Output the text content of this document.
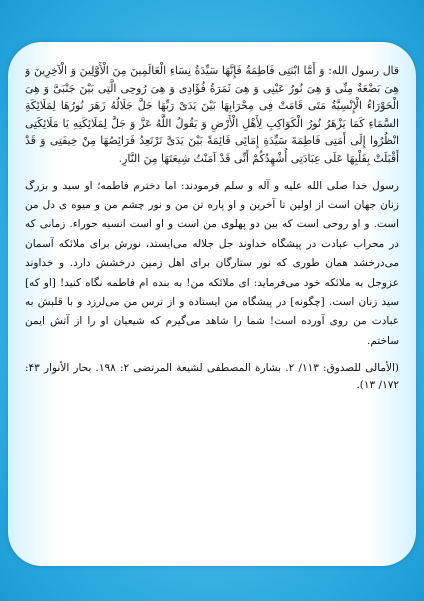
قال رسول الله: وَ أَمَّا ابْنَتِی فَاطِمَةُ فَإِنَّهَا سَیِّدَةُ نِسَاءِ الْعَالَمِینَ مِنَ الْأَوَّلِینَ وَ الْآخِرِینَ وَ هِیَ بَضْعَةٌ مِنِّی وَ هِیَ نُورُ عَیْنِی وَ هِیَ ثَمَرَةُ فُؤَادِی وَ هِیَ رُوحِی الَّتِی بَیْنَ جَنْبَیَّ وَ هِیَ الْحَوْرَاءُ الْإِنْسِیَّةُ مَتَی قَامَتْ فِی مِحْرَابِهَا بَیْنَ یَدَیْ رَبِّهَا جَلَّ جَلَالُهُ زَهَرَ نُورُهَا لِمَلَائِکَةِ السَّمَاءِ کَمَا یَزْهَرُ نُورُ الْکَوَاکِبِ لِأَهْلِ الْأَرْضِ وَ یَقُولُ اللَّهُ عَزَّ وَ جَلَّ لِمَلَائِکَتِهِ یَا مَلَائِکَتِی انْظُرُوا إِلَی أَمَتِی فَاطِمَةَ سَیِّدَةِ إِمَائِی قَائِمَةً بَیْنَ یَدَیَّ تَرْتَعِدُ فَرَائِصُهَا مِنْ خِیفَتِی وَ قَدْ أَقْبَلَتْ بِقَلْبِهَا عَلَی عِبَادَتِی أُشْهِدُکُمْ أَنِّی قَدْ آمَنْتُ شِیعَتَهَا مِنَ النَّارِ.

رسول خدا صلی الله علیه و آله و سلم فرمودند: اما دخترم فاطمه؛ او سید و بزرگ زنان جهان است از اولین تا آخرین و او پاره تن من و نور چشم من و میوه ی دل من است. و او روحی است که بین دو پهلوی من است و او است انسیه حوراء. زمانی که در محراب عبادت در پیشگاه خداوند جل جلاله می‌ایستد، نورش برای ملائکه آسمان می‌درخشد همان طوری که نور ستارگان برای اهل زمین درخشش دارد. و خداوند عزوجل به ملائکه خود می‌فرماید: ای ملائکه من! به بنده ام فاطمه نگاه کنید! [او که] سید زنان است. [چگونه] در پیشگاه من ایستاده و از ترس من می‌لرزد و با قلبش به عبادت من روی آورده است! شما را شاهد می‌گیرم که شیعیان او را از آتش ایمن ساختم.

(الأمالی للصدوق: ۱۱۳/ ۲. بشارة المصطفی لشیعة المرتضی ۲: ۱۹۸. بحار الأنوار ۴۳: ۱۷۲/ ۱۳).
